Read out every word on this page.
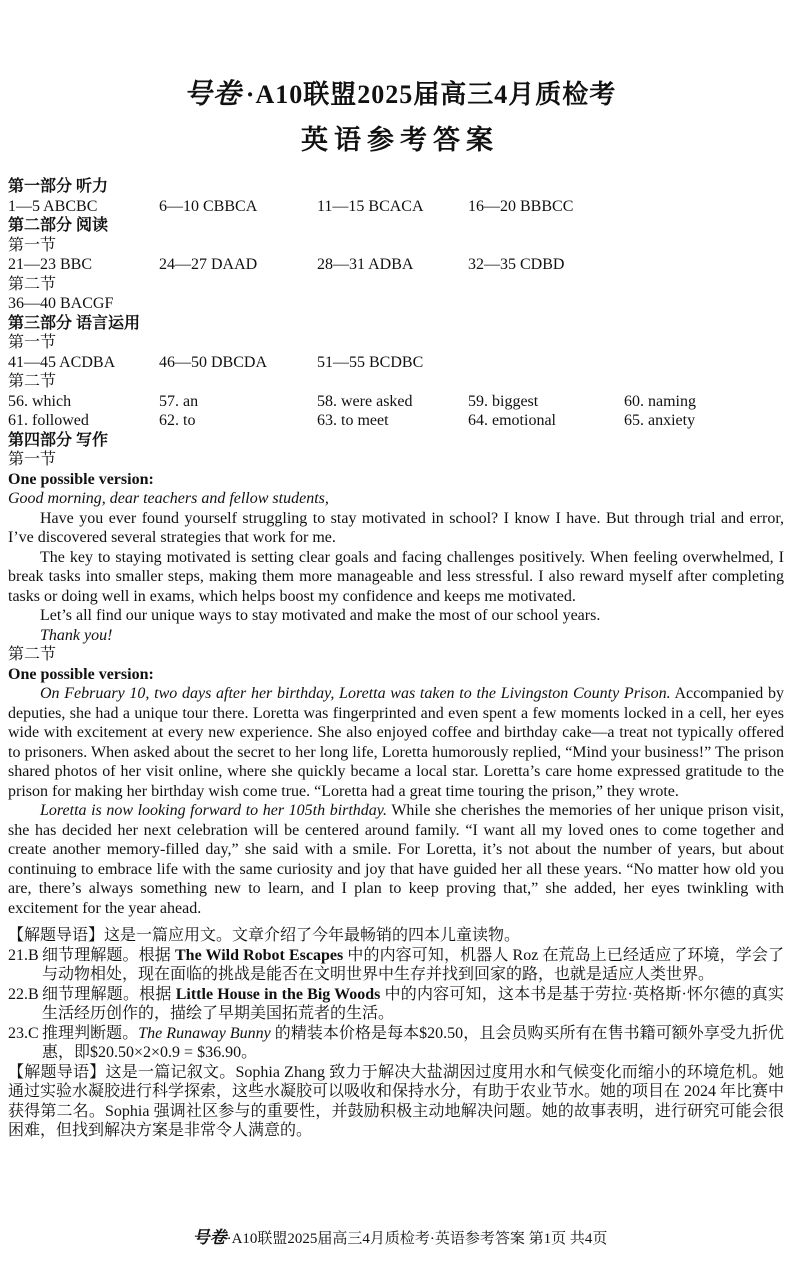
号卷 ·A10联盟2025届高三4月质检考
英语参考答案
第一部分 听力
1—5 ABCBC	6—10 CBBCA	11—15 BCACA	16—20 BBBCC
第二部分 阅读
第一节
21—23 BBC	24—27 DAAD	28—31 ADBA	32—35 CDBD
第二节
36—40 BACGF
第三部分 语言运用
第一节
41—45 ACDBA	46—50 DBCDA	51—55 BCDBC
第二节
56. which	57. an	58. were asked	59. biggest	60. naming
61. followed	62. to	63. to meet	64. emotional	65. anxiety
第四部分 写作
第一节
One possible version:
Good morning, dear teachers and fellow students,
Have you ever found yourself struggling to stay motivated in school? I know I have. But through trial and error, I’ve discovered several strategies that work for me.
The key to staying motivated is setting clear goals and facing challenges positively. When feeling overwhelmed, I break tasks into smaller steps, making them more manageable and less stressful. I also reward myself after completing tasks or doing well in exams, which helps boost my confidence and keeps me motivated.
Let’s all find our unique ways to stay motivated and make the most of our school years.
Thank you!
第二节
One possible version:
On February 10, two days after her birthday, Loretta was taken to the Livingston County Prison. Accompanied by deputies, she had a unique tour there. Loretta was fingerprinted and even spent a few moments locked in a cell, her eyes wide with excitement at every new experience. She also enjoyed coffee and birthday cake—a treat not typically offered to prisoners. When asked about the secret to her long life, Loretta humorously replied, “Mind your business!” The prison shared photos of her visit online, where she quickly became a local star. Loretta’s care home expressed gratitude to the prison for making her birthday wish come true. “Loretta had a great time touring the prison,” they wrote.
Loretta is now looking forward to her 105th birthday. While she cherishes the memories of her unique prison visit, she has decided her next celebration will be centered around family. “I want all my loved ones to come together and create another memory-filled day,” she said with a smile. For Loretta, it’s not about the number of years, but about continuing to embrace life with the same curiosity and joy that have guided her all these years. “No matter how old you are, there’s always something new to learn, and I plan to keep proving that,” she added, her eyes twinkling with excitement for the year ahead.
【解题导语】这是一篇应用文。文章介绍了今年最畅销的四本儿童读物。
21.B 细节理解题。根据 The Wild Robot Escapes 中的内容可知，机器人 Roz 在荒岛上已经适应了环境，学会了与动物相处，现在面临的挑战是能否在文明世界中生存并找到回家的路，也就是适应人类世界。
22.B 细节理解题。根据 Little House in the Big Woods 中的内容可知，这本书是基于劳拉·英格斯·怀尔德的真实生活经历创作的，描绘了早期美国拓荒者的生活。
23.C 推理判断题。The Runaway Bunny 的精装本价格是每本$20.50，且会员购买所有在售书籍可额外享受九折优惠，即$20.50×2×0.9 = $36.90。
【解题导语】这是一篇记叙文。Sophia Zhang 致力于解决大盐湖因过度用水和气候变化而缩小的环境危机。她通过实验水凝胶进行科学探索，这些水凝胶可以吸收和保持水分，有助于农业节水。她的项目在 2024 年比赛中获得第二名。Sophia 强调社区参与的重要性，并鼓励积极主动地解决问题。她的故事表明，进行研究可能会很困难，但找到解决方案是非常令人满意的。
号卷·A10联盟2025届高三4月质检考·英语参考答案 第1页 共4页
